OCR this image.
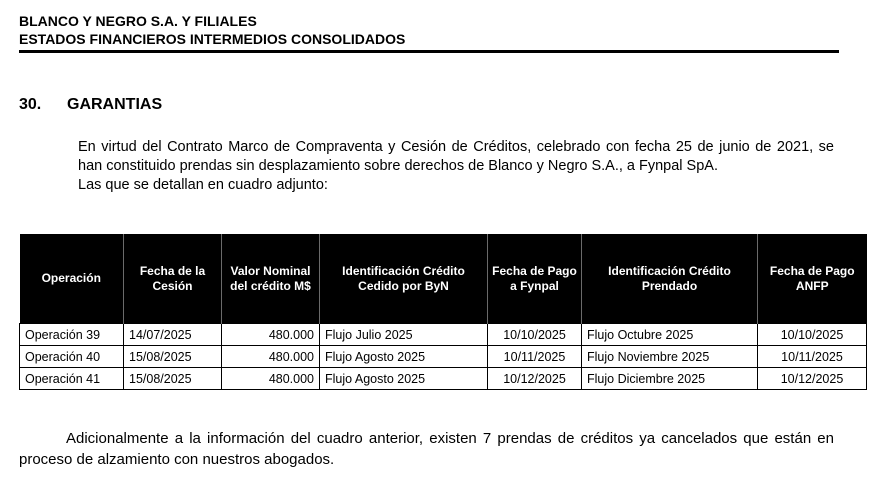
BLANCO Y NEGRO S.A. Y FILIALES
ESTADOS FINANCIEROS INTERMEDIOS CONSOLIDADOS
30. GARANTIAS

En virtud del Contrato Marco de Compraventa y Cesión de Créditos, celebrado con fecha 25 de junio de 2021, se han constituido prendas sin desplazamiento sobre derechos de Blanco y Negro S.A., a Fynpal SpA.

Las que se detallan en cuadro adjunto:

Operación	Fecha de la Cesión	Valor Nominal del crédito M$	Identificación Crédito Cedido por ByN	Fecha de Pago a Fynpal	Identificación Crédito Prendado	Fecha de Pago ANFP
Operación 39	14/07/2025	480.000	Flujo Julio 2025	10/10/2025	Flujo Octubre 2025	10/10/2025
Operación 40	15/08/2025	480.000	Flujo Agosto 2025	10/11/2025	Flujo Noviembre 2025	10/11/2025
Operación 41	15/08/2025	480.000	Flujo Agosto 2025	10/12/2025	Flujo Diciembre 2025	10/12/2025

Adicionalmente a la información del cuadro anterior, existen 7 prendas de créditos ya cancelados que están en proceso de alzamiento con nuestros abogados.
